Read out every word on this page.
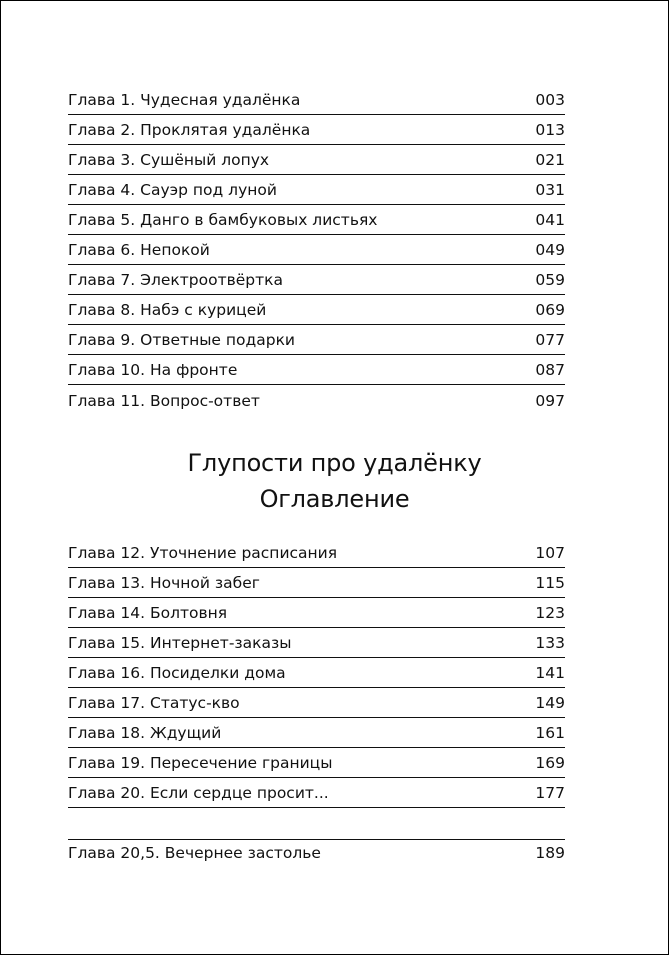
Глава 1. Чудесная удалёнка	003
Глава 2. Проклятая удалёнка	013
Глава 3. Сушёный лопух	021
Глава 4. Сауэр под луной	031
Глава 5. Данго в бамбуковых листьях	041
Глава 6. Непокой	049
Глава 7. Электроотвёртка	059
Глава 8. Набэ с курицей	069
Глава 9. Ответные подарки	077
Глава 10. На фронте	087
Глава 11. Вопрос-ответ	097
Глупости про удалёнку
Оглавление
Глава 12. Уточнение расписания	107
Глава 13. Ночной забег	115
Глава 14. Болтовня	123
Глава 15. Интернет-заказы	133
Глава 16. Посиделки дома	141
Глава 17. Статус-кво	149
Глава 18. Ждущий	161
Глава 19. Пересечение границы	169
Глава 20. Если сердце просит...	177
Глава 20,5. Вечернее застолье	189
